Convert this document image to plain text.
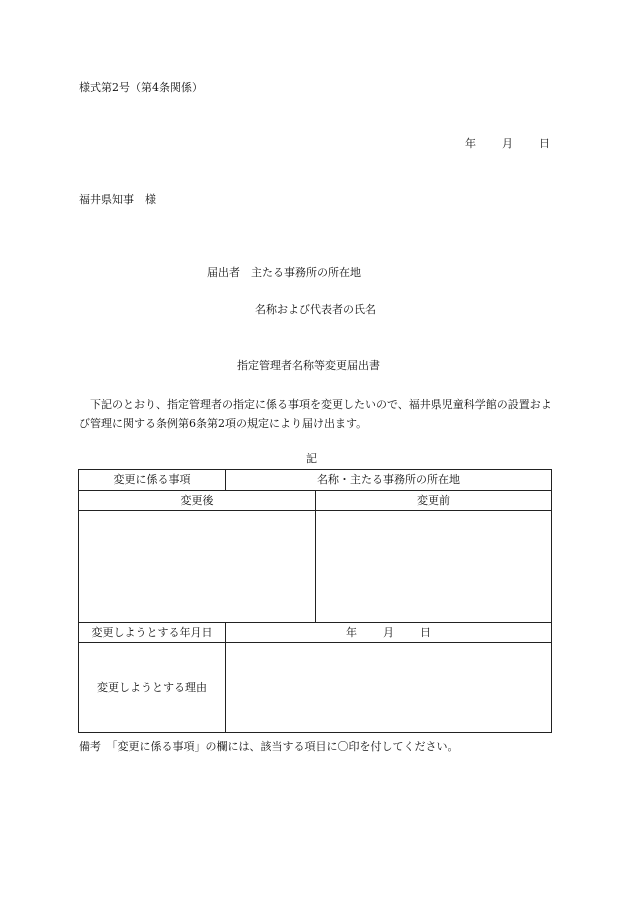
様式第2号（第4条関係）
年 月 日
福井県知事　様
届出者　 主たる事務所の所在地
名称および代表者の氏名
指定管理者名称等変更届出書
下記のとおり、指定管理者の指定に係る事項を変更したいので、福井県児童科学館の設置および管理に関する条例第6条第2項の規定により届け出ます。
記
変更に係る事項	名称・主たる事務所の所在地
変更後	変更前
変更しようとする年月日	年 月 日
変更しようとする理由
備考　「変更に係る事項」の欄には、該当する項目に〇印を付してください。
